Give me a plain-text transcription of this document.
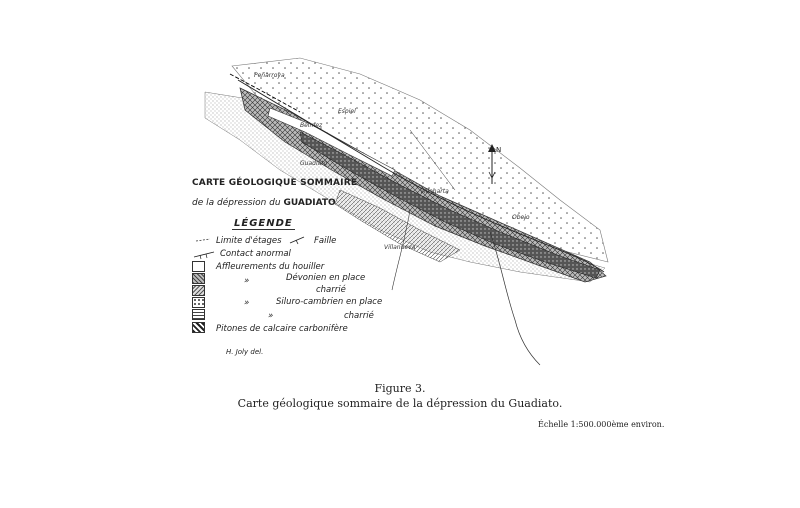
N
Peñarroya
Belmez
Villanueva
Espiel
Villaharta
Obejo
Guadiato
CARTE GÉOLOGIQUE SOMMAIRE
de la dépression du GUADIATO
LÉGENDE
Limite d'étages	Faille
Contact anormal
Affleurements du houiller
»	Dévonien en place
charrié
»	Siluro-cambrien en place
»	charrié
Pitones de calcaire carbonifère
H. Joly del.
Figure 3.
Carte géologique sommaire de la dépression du Guadiato.
Échelle 1:500.000ème environ.
